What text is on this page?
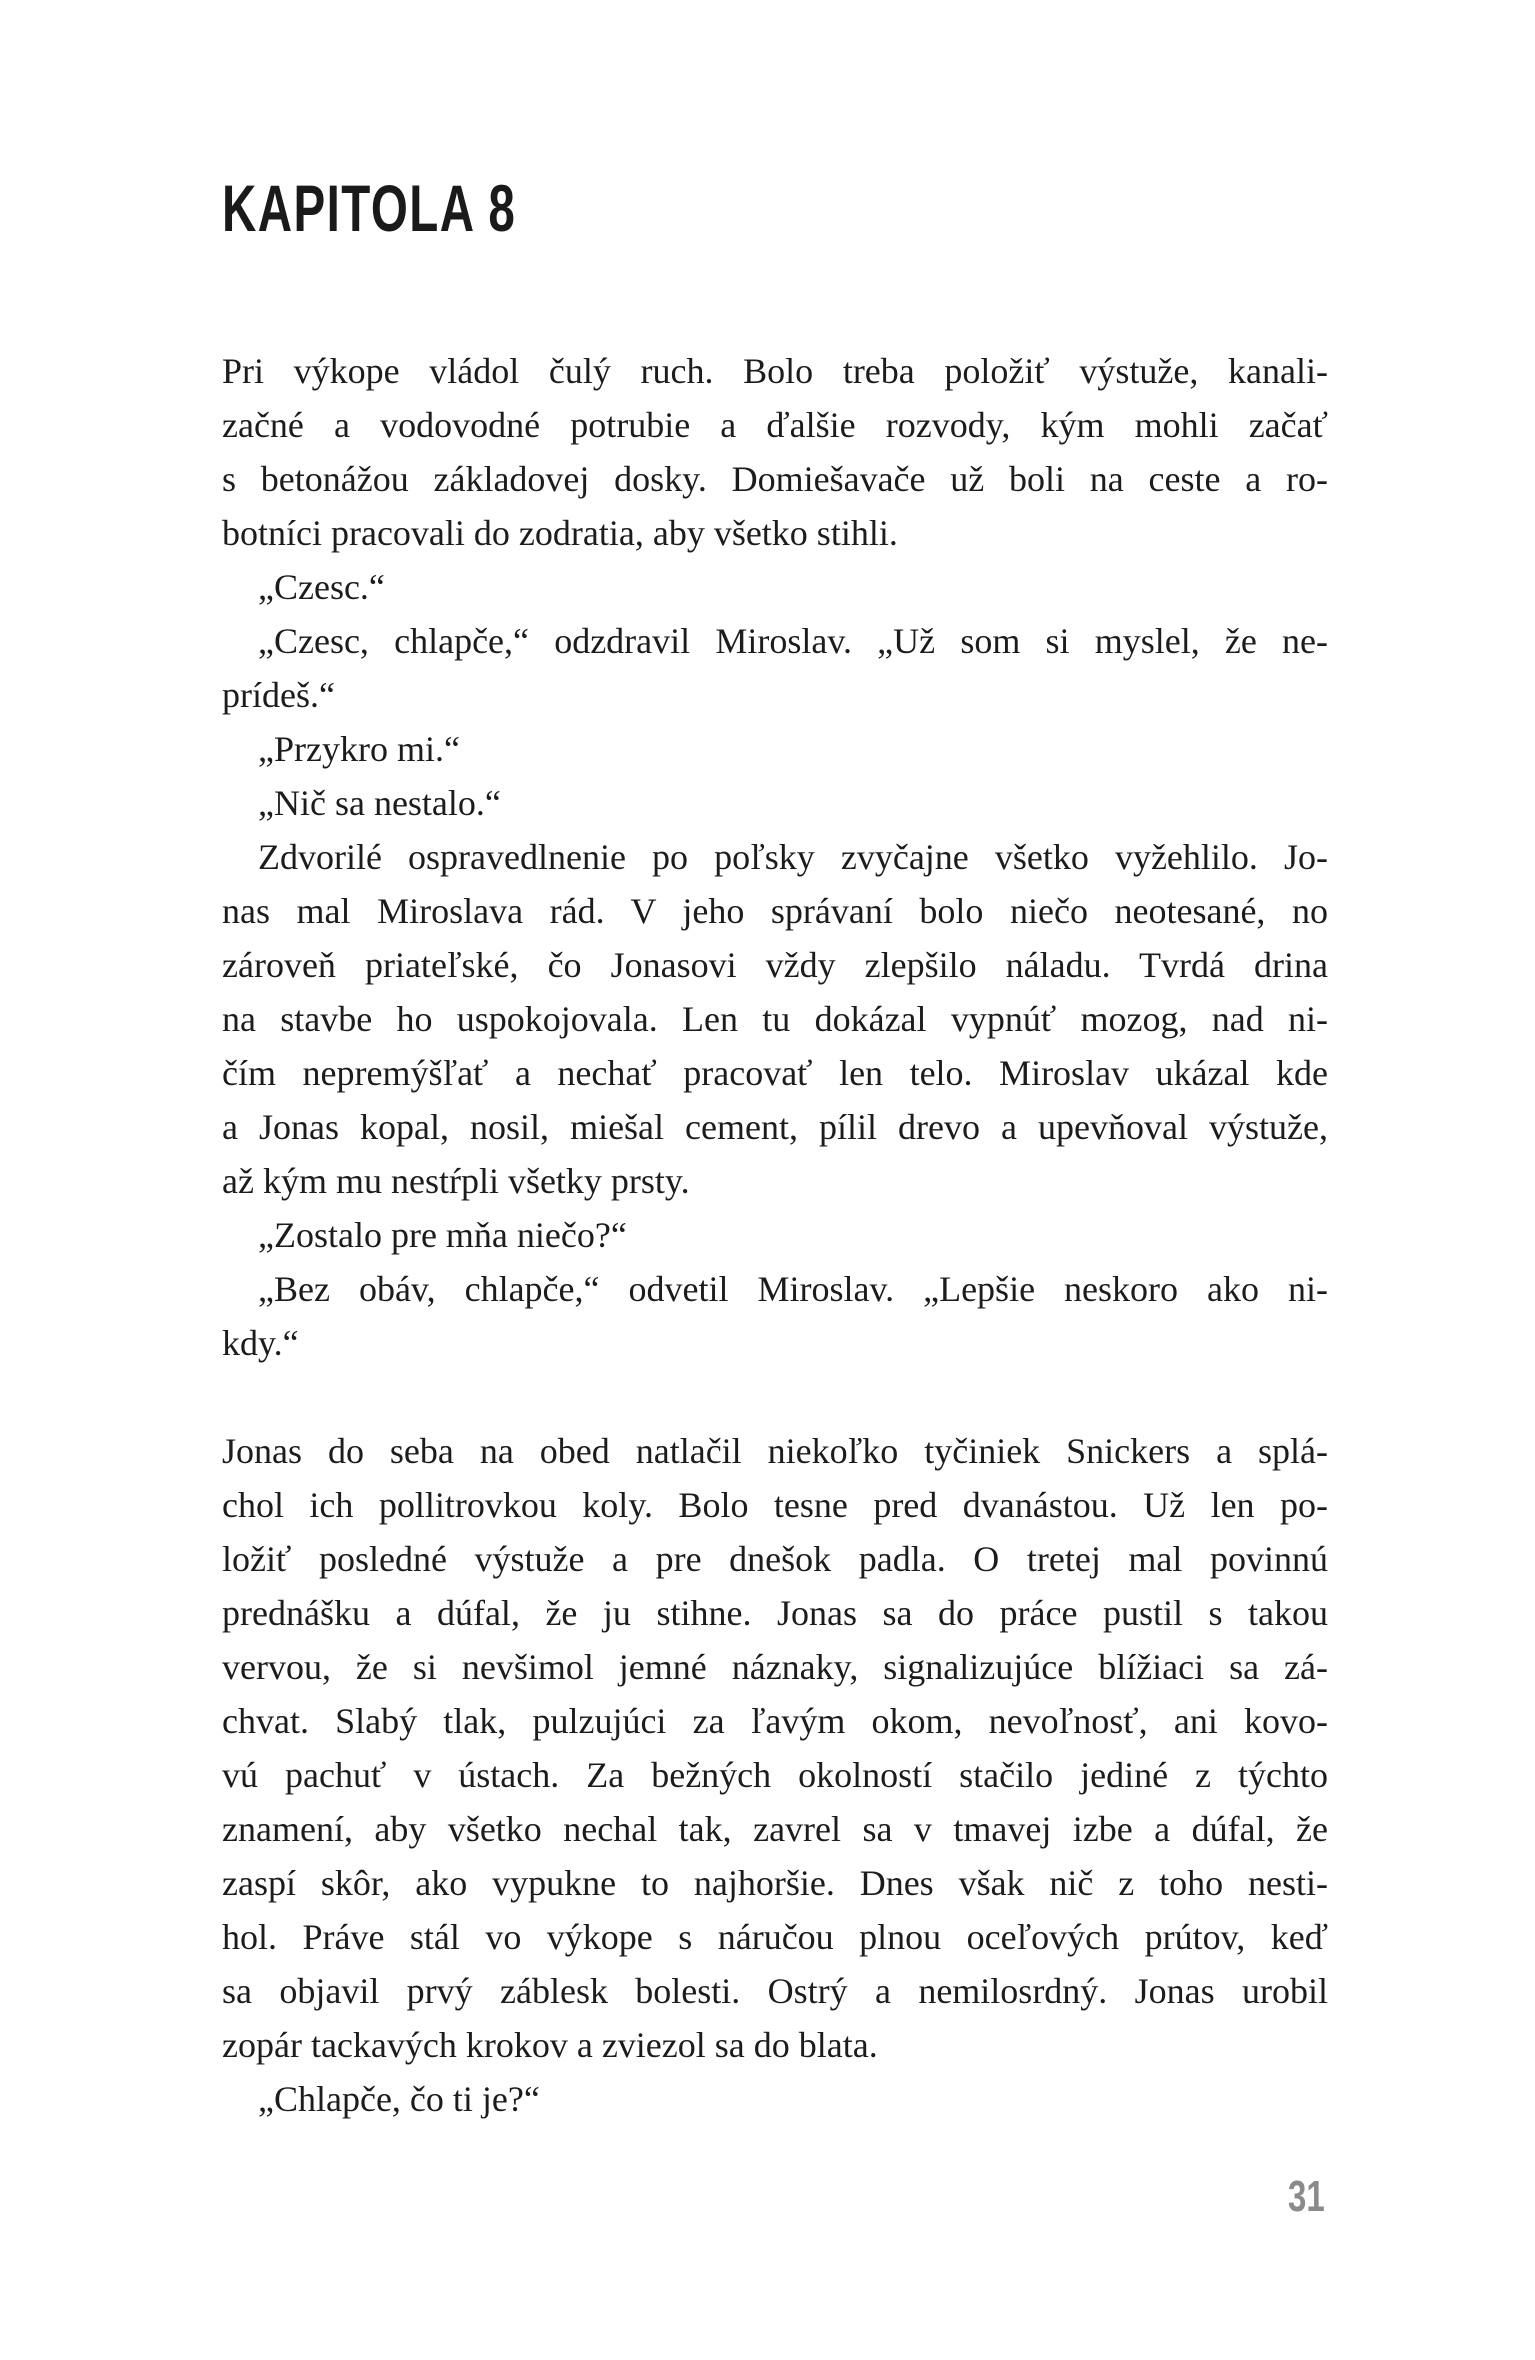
KAPITOLA 8
Pri výkope vládol čulý ruch. Bolo treba položiť výstuže, kanali-
začné a vodovodné potrubie a ďalšie rozvody, kým mohli začať
s betonážou základovej dosky. Domiešavače už boli na ceste a ro-
botníci pracovali do zodratia, aby všetko stihli.
„Czesc.“
„Czesc, chlapče,“ odzdravil Miroslav. „Už som si myslel, že ne-
prídeš.“
„Przykro mi.“
„Nič sa nestalo.“
Zdvorilé ospravedlnenie po poľsky zvyčajne všetko vyžehlilo. Jo-
nas mal Miroslava rád. V jeho správaní bolo niečo neotesané, no
zároveň priateľské, čo Jonasovi vždy zlepšilo náladu. Tvrdá drina
na stavbe ho uspokojovala. Len tu dokázal vypnúť mozog, nad ni-
čím nepremýšľať a nechať pracovať len telo. Miroslav ukázal kde
a Jonas kopal, nosil, miešal cement, pílil drevo a upevňoval výstuže,
až kým mu nestŕpli všetky prsty.
„Zostalo pre mňa niečo?“
„Bez obáv, chlapče,“ odvetil Miroslav. „Lepšie neskoro ako ni-
kdy.“
Jonas do seba na obed natlačil niekoľko tyčiniek Snickers a splá-
chol ich pollitrovkou koly. Bolo tesne pred dvanástou. Už len po-
ložiť posledné výstuže a pre dnešok padla. O tretej mal povinnú
prednášku a dúfal, že ju stihne. Jonas sa do práce pustil s takou
vervou, že si nevšimol jemné náznaky, signalizujúce blížiaci sa zá-
chvat. Slabý tlak, pulzujúci za ľavým okom, nevoľnosť, ani kovo-
vú pachuť v ústach. Za bežných okolností stačilo jediné z týchto
znamení, aby všetko nechal tak, zavrel sa v tmavej izbe a dúfal, že
zaspí skôr, ako vypukne to najhoršie. Dnes však nič z toho nesti-
hol. Práve stál vo výkope s náručou plnou oceľových prútov, keď
sa objavil prvý záblesk bolesti. Ostrý a nemilosrdný. Jonas urobil
zopár tackavých krokov a zviezol sa do blata.
„Chlapče, čo ti je?“
31
